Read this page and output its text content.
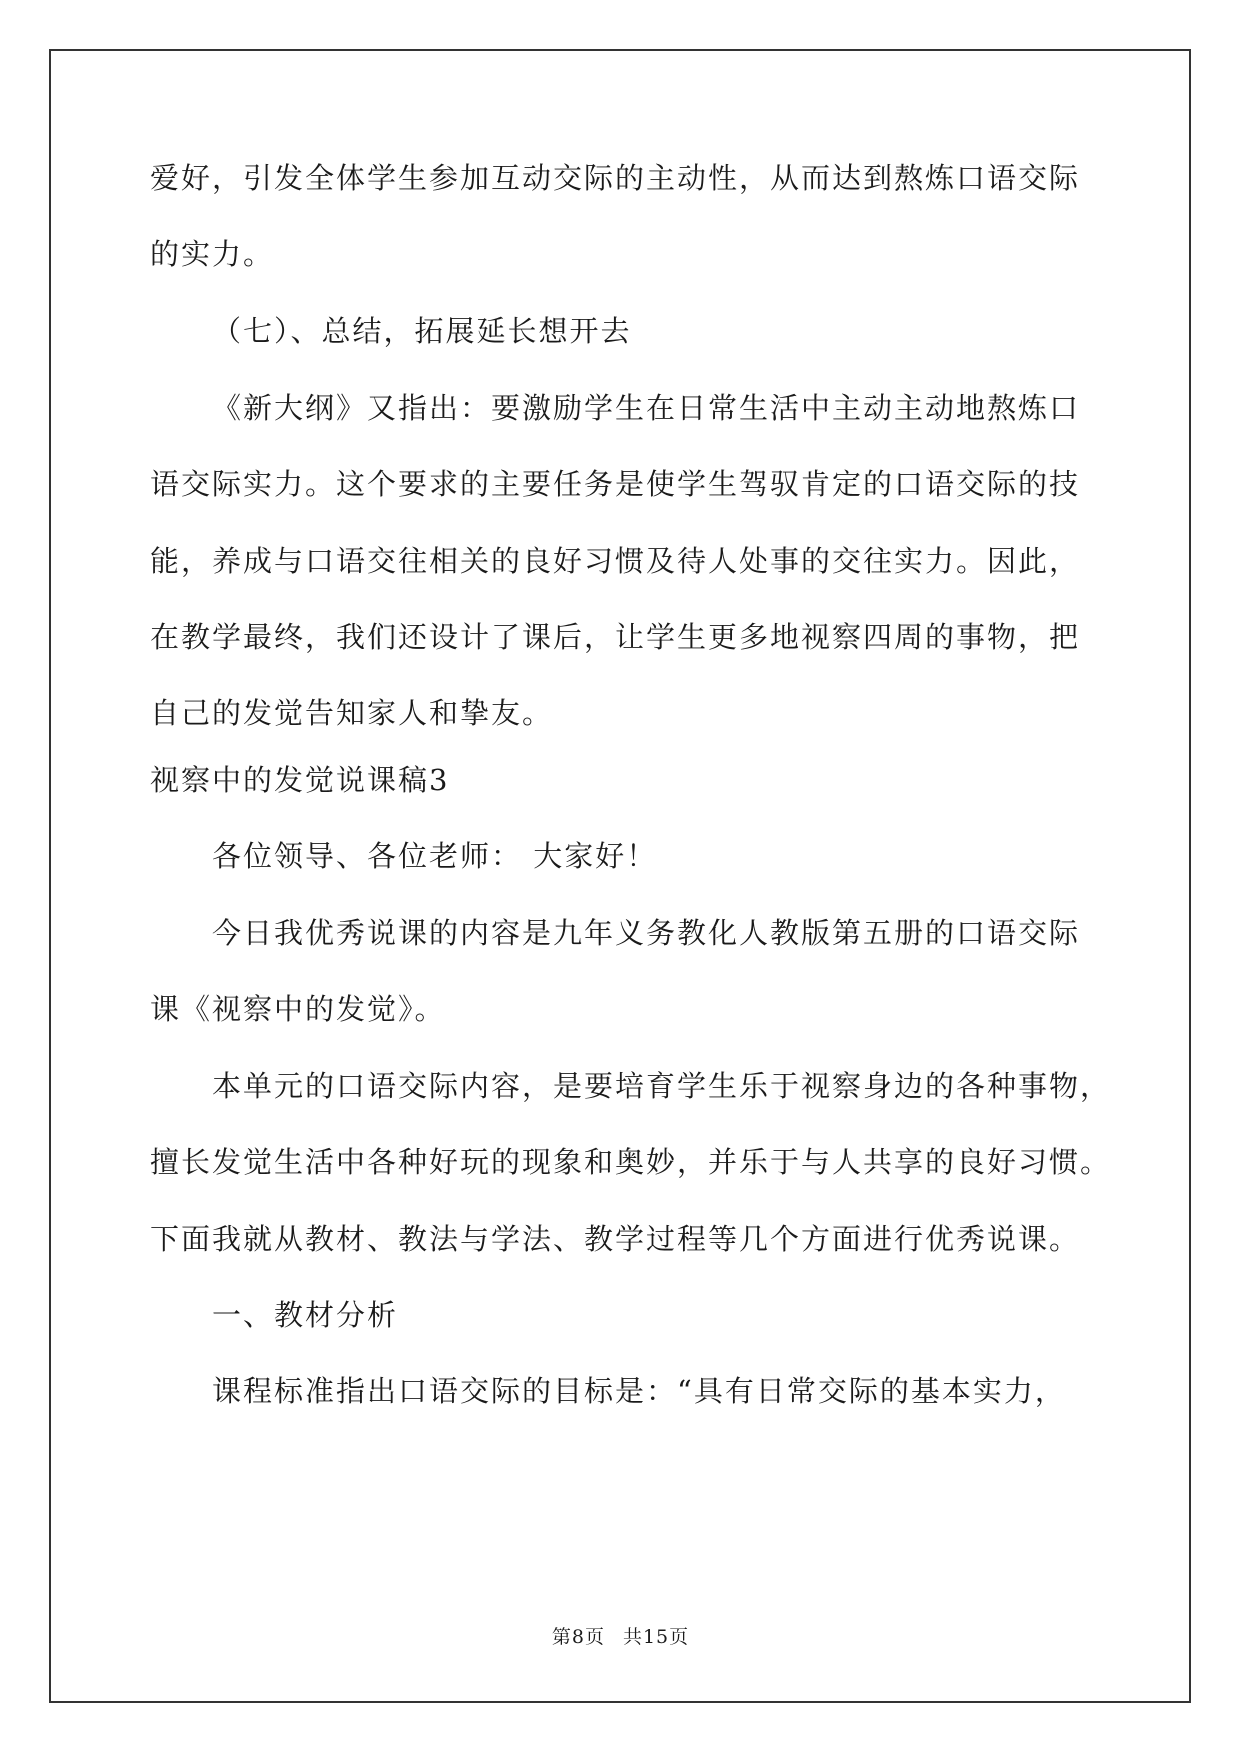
爱好，引发全体学生参加互动交际的主动性，从而达到熬炼口语交际
的实力。
（七）、总结，拓展延长想开去
《新大纲》又指出：要激励学生在日常生活中主动主动地熬炼口
语交际实力。这个要求的主要任务是使学生驾驭肯定的口语交际的技
能，养成与口语交往相关的良好习惯及待人处事的交往实力。因此，
在教学最终，我们还设计了课后，让学生更多地视察四周的事物，把
自己的发觉告知家人和挚友。
视察中的发觉说课稿3
各位领导、各位老师： 大家好！
今日我优秀说课的内容是九年义务教化人教版第五册的口语交际
课《视察中的发觉》。
本单元的口语交际内容，是要培育学生乐于视察身边的各种事物，
擅长发觉生活中各种好玩的现象和奥妙，并乐于与人共享的良好习惯。
下面我就从教材、教法与学法、教学过程等几个方面进行优秀说课。
一、教材分析
课程标准指出口语交际的目标是：“具有日常交际的基本实力，
第8页 共15页
